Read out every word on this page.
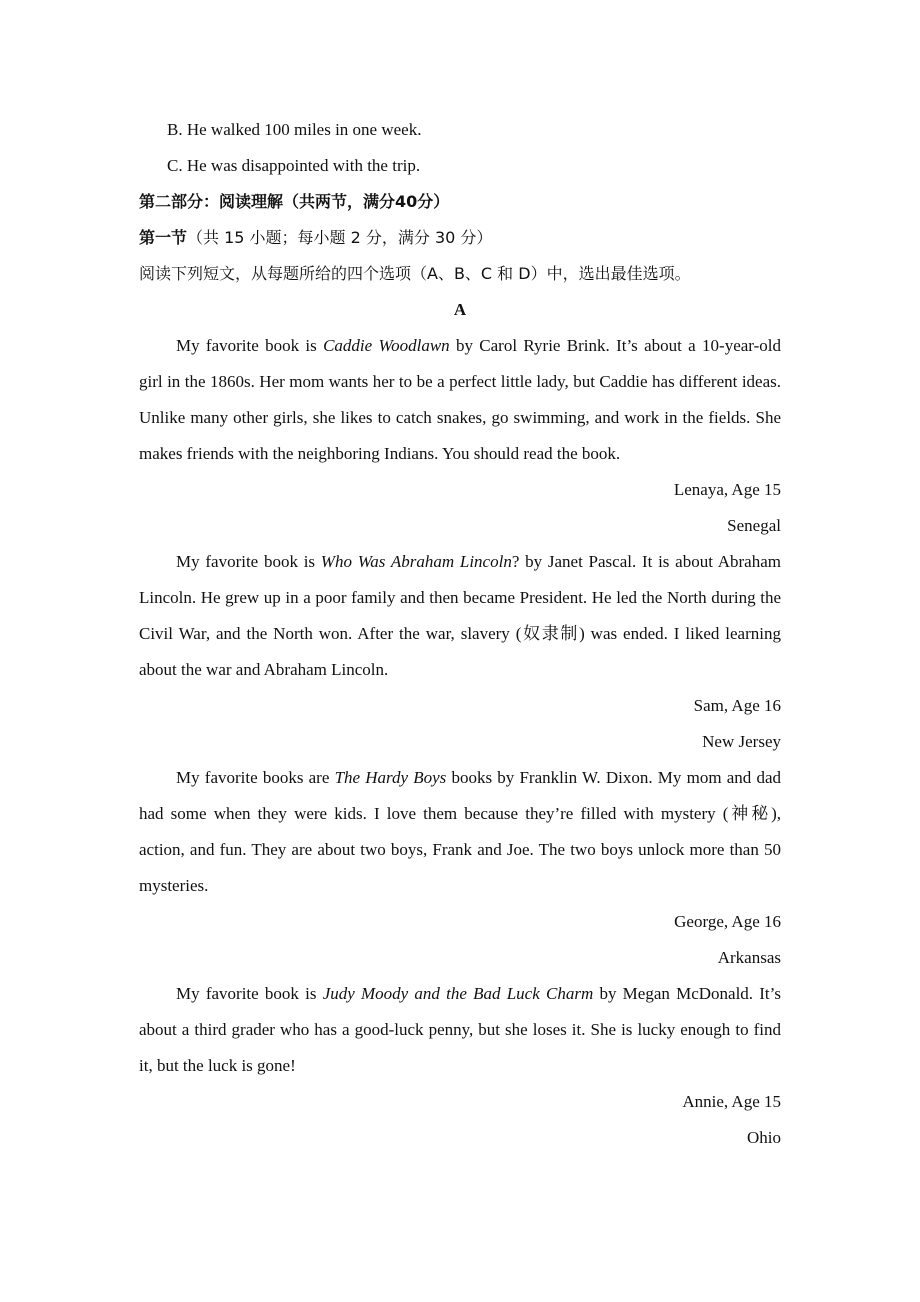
B. He walked 100 miles in one week.

C. He was disappointed with the trip.

第二部分：阅读理解（共两节，满分40分）

第一节（共 15 小题；每小题 2 分，满分 30 分）

阅读下列短文，从每题所给的四个选项（A、B、C 和 D）中，选出最佳选项。

A

My favorite book is Caddie Woodlawn by Carol Ryrie Brink. It’s about a 10-year-old girl in the 1860s. Her mom wants her to be a perfect little lady, but Caddie has different ideas. Unlike many other girls, she likes to catch snakes, go swimming, and work in the fields. She makes friends with the neighboring Indians. You should read the book.

Lenaya, Age 15

Senegal

My favorite book is Who Was Abraham Lincoln? by Janet Pascal. It is about Abraham Lincoln. He grew up in a poor family and then became President. He led the North during the Civil War, and the North won. After the war, slavery (奴隶制) was ended. I liked learning about the war and Abraham Lincoln.

Sam, Age 16

New Jersey

My favorite books are The Hardy Boys books by Franklin W. Dixon. My mom and dad had some when they were kids. I love them because they’re filled with mystery (神秘), action, and fun. They are about two boys, Frank and Joe. The two boys unlock more than 50 mysteries.

George, Age 16

Arkansas

My favorite book is Judy Moody and the Bad Luck Charm by Megan McDonald. It’s about a third grader who has a good-luck penny, but she loses it. She is lucky enough to find it, but the luck is gone!

Annie, Age 15

Ohio
